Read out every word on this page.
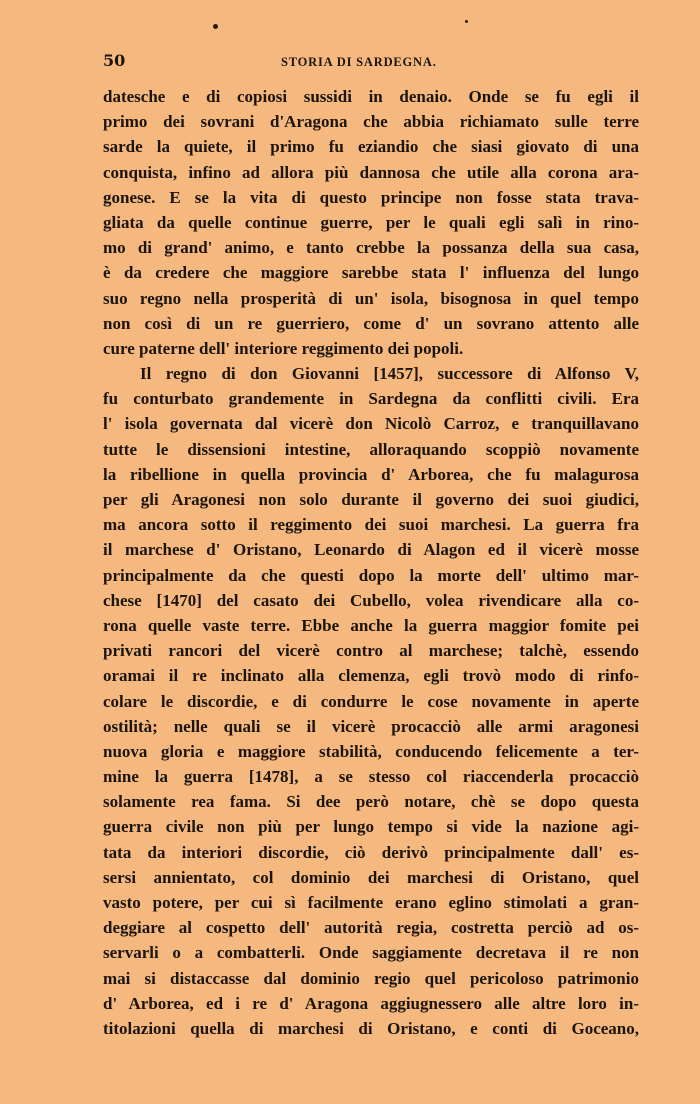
50	STORIA DI SARDEGNA.
datesche e di copiosi sussidi in denaio. Onde se fu egli il
primo dei sovrani d'Aragona che abbia richiamato sulle terre
sarde la quiete, il primo fu eziandio che siasi giovato di una
conquista, infino ad allora più dannosa che utile alla corona ara-
gonese. E se la vita di questo principe non fosse stata trava-
gliata da quelle continue guerre, per le quali egli salì in rino-
mo di grand' animo, e tanto crebbe la possanza della sua casa,
è da credere che maggiore sarebbe stata l' influenza del lungo
suo regno nella prosperità di un' isola, bisognosa in quel tempo
non così di un re guerriero, come d' un sovrano attento alle
cure paterne dell' interiore reggimento dei popoli.
Il regno di don Giovanni [1457], successore di Alfonso V,
fu conturbato grandemente in Sardegna da conflitti civili. Era
l' isola governata dal vicerè don Nicolò Carroz, e tranquillavano
tutte le dissensioni intestine, alloraquando scoppiò novamente
la ribellione in quella provincia d' Arborea, che fu malagurosa
per gli Aragonesi non solo durante il governo dei suoi giudici,
ma ancora sotto il reggimento dei suoi marchesi. La guerra fra
il marchese d' Oristano, Leonardo di Alagon ed il vicerè mosse
principalmente da che questi dopo la morte dell' ultimo mar-
chese [1470] del casato dei Cubello, volea rivendicare alla co-
rona quelle vaste terre. Ebbe anche la guerra maggior fomite pei
privati rancori del vicerè contro al marchese; talchè, essendo
oramai il re inclinato alla clemenza, egli trovò modo di rinfo-
colare le discordie, e di condurre le cose novamente in aperte
ostilità; nelle quali se il vicerè procacciò alle armi aragonesi
nuova gloria e maggiore stabilità, conducendo felicemente a ter-
mine la guerra [1478], a se stesso col riaccenderla procacciò
solamente rea fama. Si dee però notare, chè se dopo questa
guerra civile non più per lungo tempo si vide la nazione agi-
tata da interiori discordie, ciò derivò principalmente dall' es-
sersi annientato, col dominio dei marchesi di Oristano, quel
vasto potere, per cui sì facilmente erano eglino stimolati a gran-
deggiare al cospetto dell' autorità regia, costretta perciò ad os-
servarli o a combatterli. Onde saggiamente decretava il re non
mai si distaccasse dal dominio regio quel pericoloso patrimonio
d' Arborea, ed i re d' Aragona aggiugnessero alle altre loro in-
titolazioni quella di marchesi di Oristano, e conti di Goceano,
